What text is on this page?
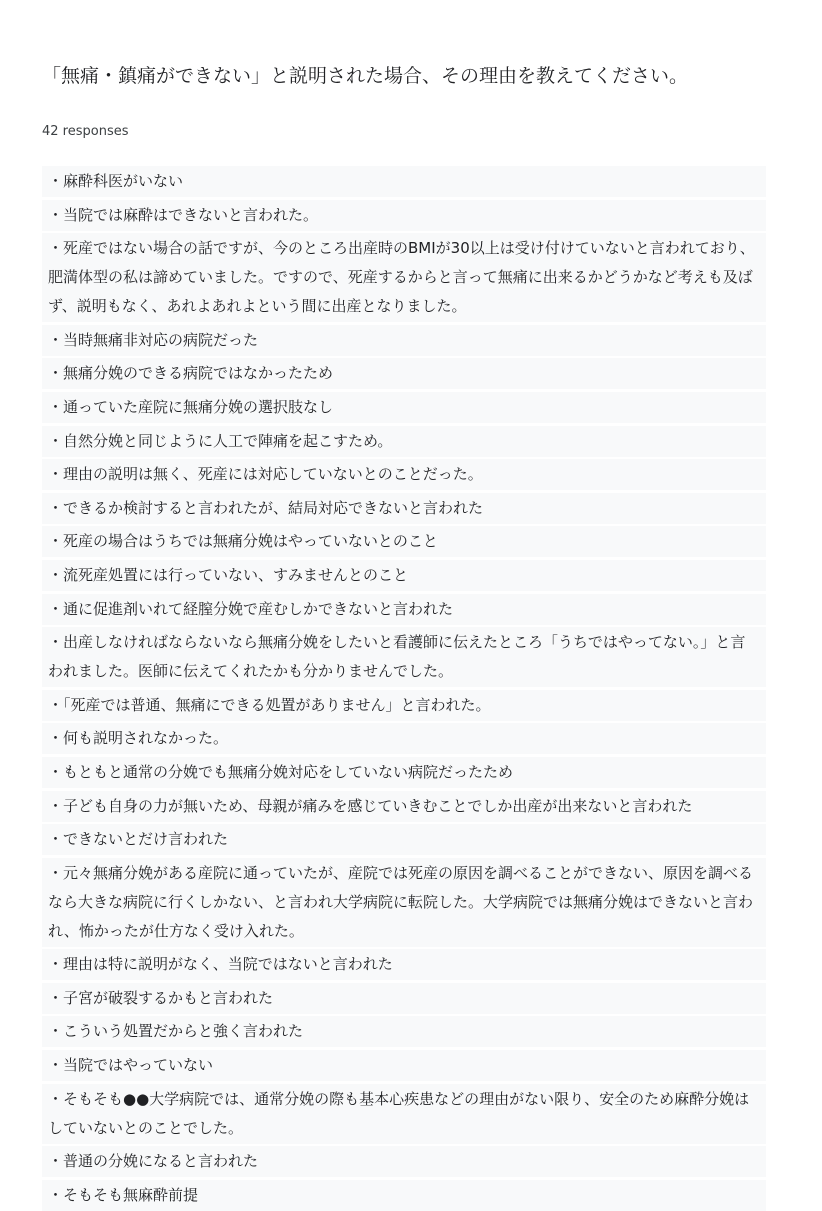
「無痛・鎮痛ができない」と説明された場合、その理由を教えてください。
42 responses
・麻酔科医がいない
・当院では麻酔はできないと言われた。
・死産ではない場合の話ですが、今のところ出産時のBMIが30以上は受け付けていないと言われており、肥満体型の私は諦めていました。ですので、死産するからと言って無痛に出来るかどうかなど考えも及ばず、説明もなく、あれよあれよという間に出産となりました。
・当時無痛非対応の病院だった
・無痛分娩のできる病院ではなかったため
・通っていた産院に無痛分娩の選択肢なし
・自然分娩と同じように人工で陣痛を起こすため。
・理由の説明は無く、死産には対応していないとのことだった。
・できるか検討すると言われたが、結局対応できないと言われた
・死産の場合はうちでは無痛分娩はやっていないとのこと
・流死産処置には行っていない、すみませんとのこと
・通に促進剤いれて経膣分娩で産むしかできないと言われた
・出産しなければならないなら無痛分娩をしたいと看護師に伝えたところ「うちではやってない。」と言われました。医師に伝えてくれたかも分かりませんでした。
・「死産では普通、無痛にできる処置がありません」と言われた。
・何も説明されなかった。
・もともと通常の分娩でも無痛分娩対応をしていない病院だったため
・子ども自身の力が無いため、母親が痛みを感じていきむことでしか出産が出来ないと言われた
・できないとだけ言われた
・元々無痛分娩がある産院に通っていたが、産院では死産の原因を調べることができない、原因を調べるなら大きな病院に行くしかない、と言われ大学病院に転院した。大学病院では無痛分娩はできないと言われ、怖かったが仕方なく受け入れた。
・理由は特に説明がなく、当院ではないと言われた
・子宮が破裂するかもと言われた
・こういう処置だからと強く言われた
・当院ではやっていない
・そもそも●●大学病院では、通常分娩の際も基本心疾患などの理由がない限り、安全のため麻酔分娩はしていないとのことでした。
・普通の分娩になると言われた
・そもそも無麻酔前提
